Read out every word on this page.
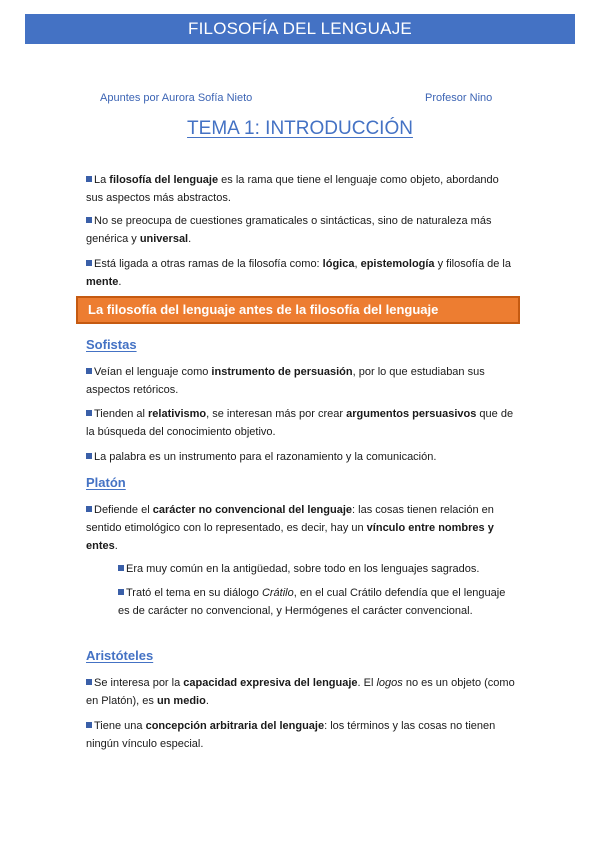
FILOSOFÍA DEL LENGUAJE
Apuntes por Aurora Sofía Nieto	Profesor Nino
TEMA 1: INTRODUCCIÓN
La filosofía del lenguaje es la rama que tiene el lenguaje como objeto, abordando sus aspectos más abstractos.
No se preocupa de cuestiones gramaticales o sintácticas, sino de naturaleza más genérica y universal.
Está ligada a otras ramas de la filosofía como: lógica, epistemología y filosofía de la mente.
La filosofía del lenguaje antes de la filosofía del lenguaje
Sofistas
Veían el lenguaje como instrumento de persuasión, por lo que estudiaban sus aspectos retóricos.
Tienden al relativismo, se interesan más por crear argumentos persuasivos que de la búsqueda del conocimiento objetivo.
La palabra es un instrumento para el razonamiento y la comunicación.
Platón
Defiende el carácter no convencional del lenguaje: las cosas tienen relación en sentido etimológico con lo representado, es decir, hay un vínculo entre nombres y entes.
Era muy común en la antigüedad, sobre todo en los lenguajes sagrados.
Trató el tema en su diálogo Crátilo, en el cual Crátilo defendía que el lenguaje es de carácter no convencional, y Hermógenes el carácter convencional.
Aristóteles
Se interesa por la capacidad expresiva del lenguaje. El logos no es un objeto (como en Platón), es un medio.
Tiene una concepción arbitraria del lenguaje: los términos y las cosas no tienen ningún vínculo especial.
